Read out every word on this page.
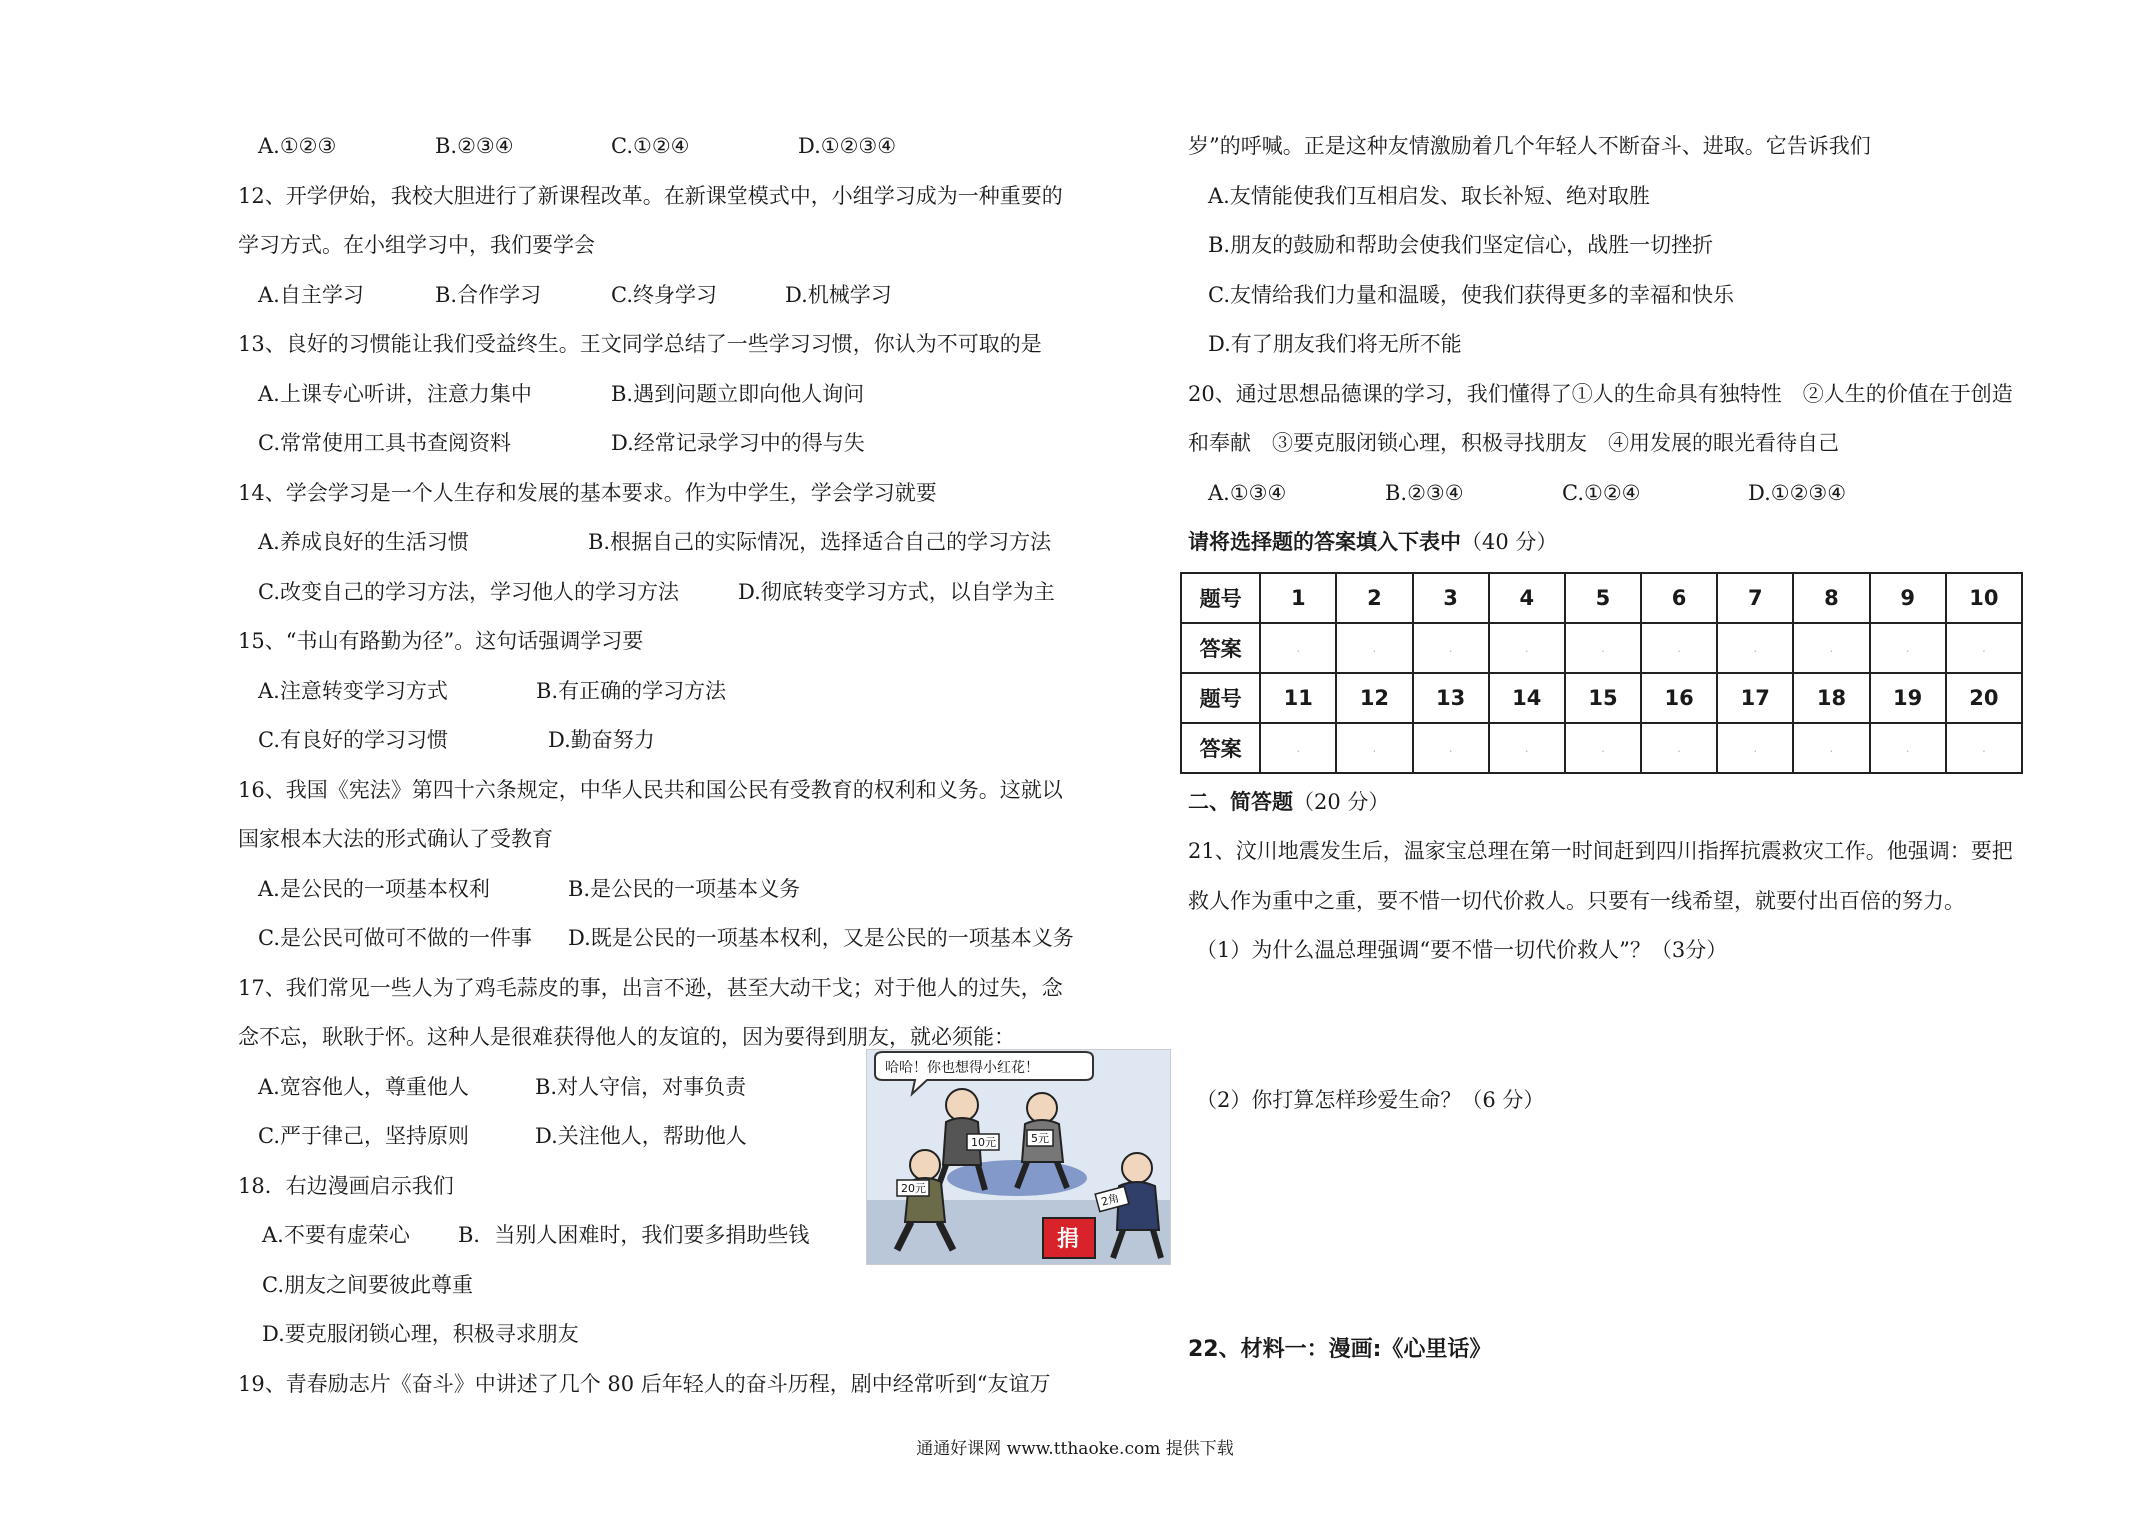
A.①②③	B.②③④	C.①②④	D.①②③④
12、开学伊始，我校大胆进行了新课程改革。在新课堂模式中，小组学习成为一种重要的
学习方式。在小组学习中，我们要学会
A.自主学习	B.合作学习	C.终身学习	D.机械学习
13、良好的习惯能让我们受益终生。王文同学总结了一些学习习惯，你认为不可取的是
A.上课专心听讲，注意力集中	B.遇到问题立即向他人询问
C.常常使用工具书查阅资料	D.经常记录学习中的得与失
14、学会学习是一个人生存和发展的基本要求。作为中学生，学会学习就要
A.养成良好的生活习惯	B.根据自己的实际情况，选择适合自己的学习方法
C.改变自己的学习方法，学习他人的学习方法	D.彻底转变学习方式，以自学为主
15、“书山有路勤为径”。这句话强调学习要
A.注意转变学习方式	B.有正确的学习方法
C.有良好的学习习惯	D.勤奋努力
16、我国《宪法》第四十六条规定，中华人民共和国公民有受教育的权利和义务。这就以
国家根本大法的形式确认了受教育
A.是公民的一项基本权利	B.是公民的一项基本义务
C.是公民可做可不做的一件事 D.既是公民的一项基本权利，又是公民的一项基本义务
17、我们常见一些人为了鸡毛蒜皮的事，出言不逊，甚至大动干戈；对于他人的过失，念
念不忘，耿耿于怀。这种人是很难获得他人的友谊的，因为要得到朋友，就必须能：
A.宽容他人，尊重他人	B.对人守信，对事负责
C.严于律己，坚持原则	D.关注他人，帮助他人
18．右边漫画启示我们
A.不要有虚荣心 B．当别人困难时，我们要多捐助些钱
C.朋友之间要彼此尊重
D.要克服闭锁心理，积极寻求朋友
19、青春励志片《奋斗》中讲述了几个 80 后年轻人的奋斗历程，剧中经常听到“友谊万
哈哈！你也想得小红花！
捐
2角
10元
20元
5元
岁”的呼喊。正是这种友情激励着几个年轻人不断奋斗、进取。它告诉我们
A.友情能使我们互相启发、取长补短、绝对取胜
B.朋友的鼓励和帮助会使我们坚定信心，战胜一切挫折
C.友情给我们力量和温暖，使我们获得更多的幸福和快乐
D.有了朋友我们将无所不能
20、通过思想品德课的学习，我们懂得了①人的生命具有独特性　②人生的价值在于创造
和奉献　③要克服闭锁心理，积极寻找朋友　④用发展的眼光看待自己
A.①③④	B.②③④	C.①②④	D.①②③④
请将选择题的答案填入下表中（40 分）
题号	1	2	3	4	5	6	7	8	9	10
答案	.	.	.	.	.	.	.	.	.	.
题号	11	12	13	14	15	16	17	18	19	20
答案	.	.	.	.	.	.	.	.	.	.
二、简答题（20 分）
21、汶川地震发生后，温家宝总理在第一时间赶到四川指挥抗震救灾工作。他强调：要把
救人作为重中之重，要不惜一切代价救人。只要有一线希望，就要付出百倍的努力。
（1）为什么温总理强调“要不惜一切代价救人”？（3分）
（2）你打算怎样珍爱生命？（6 分）
22、材料一：漫画:《心里话》
通通好课网 www.tthaoke.com 提供下载
